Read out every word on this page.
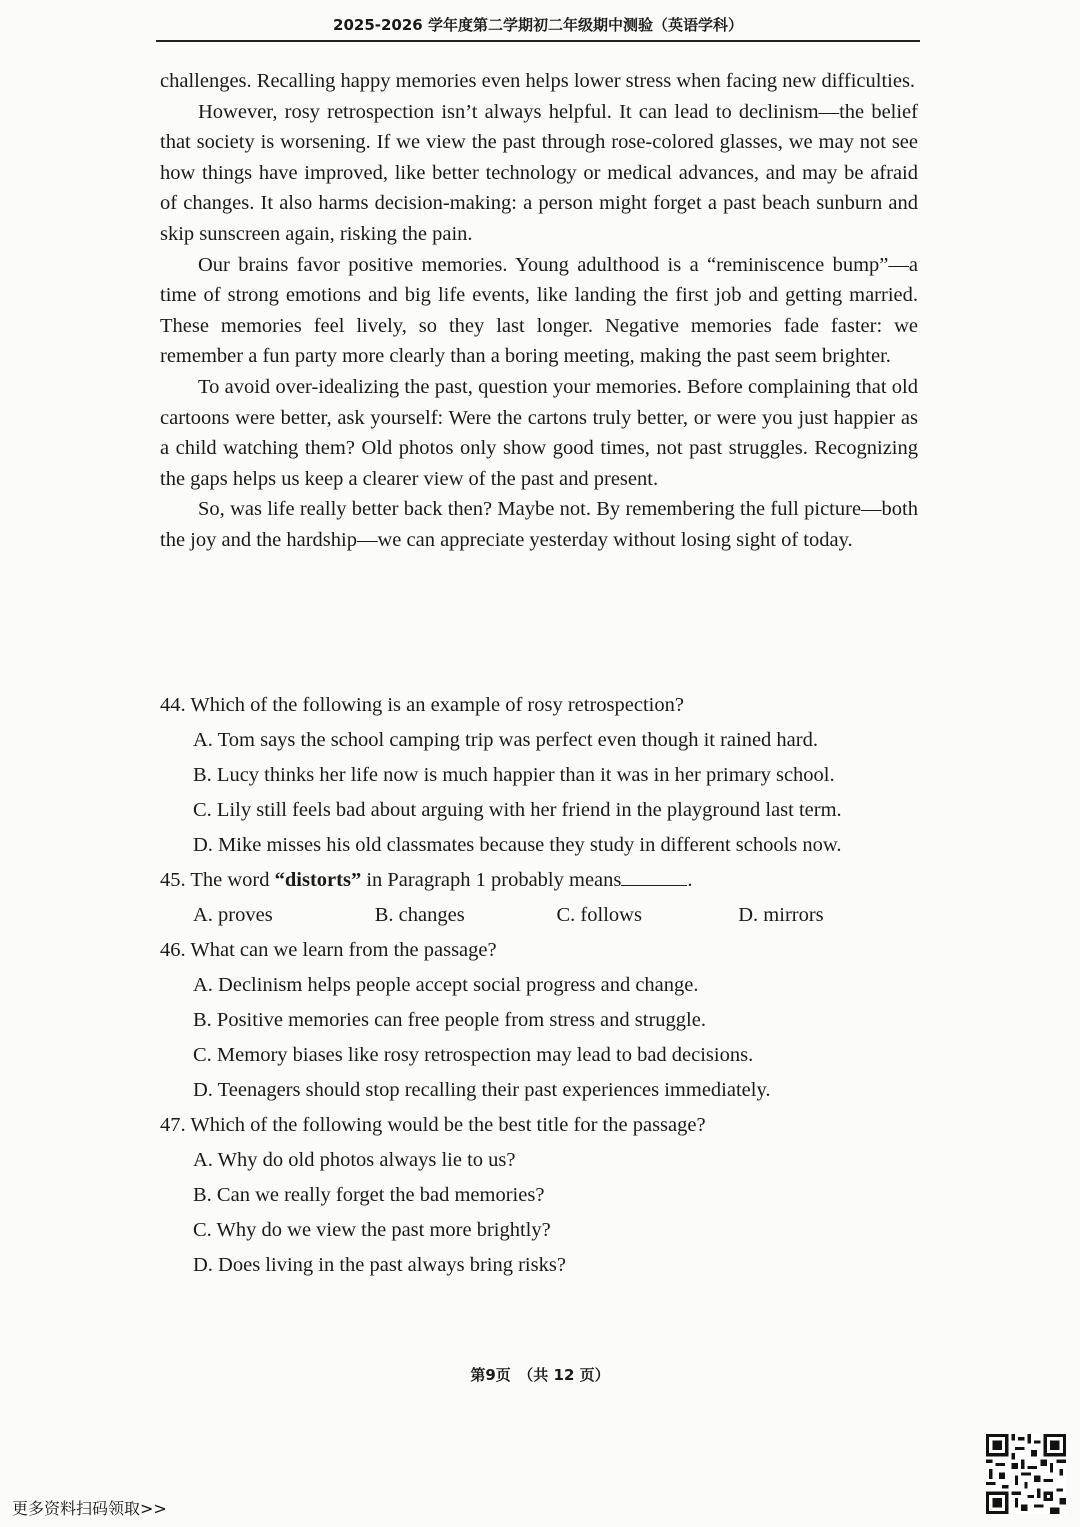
2025-2026 学年度第二学期初二年级期中测验（英语学科）

challenges. Recalling happy memories even helps lower stress when facing new difficulties.

However, rosy retrospection isn’t always helpful. It can lead to declinism—the belief that society is worsening. If we view the past through rose-colored glasses, we may not see how things have improved, like better technology or medical advances, and may be afraid of changes. It also harms decision-making: a person might forget a past beach sunburn and skip sunscreen again, risking the pain.

Our brains favor positive memories. Young adulthood is a “reminiscence bump”—a time of strong emotions and big life events, like landing the first job and getting married. These memories feel lively, so they last longer. Negative memories fade faster: we remember a fun party more clearly than a boring meeting, making the past seem brighter.

To avoid over-idealizing the past, question your memories. Before complaining that old cartoons were better, ask yourself: Were the cartons truly better, or were you just happier as a child watching them? Old photos only show good times, not past struggles. Recognizing the gaps helps us keep a clearer view of the past and present.

So, was life really better back then? Maybe not. By remembering the full picture—both the joy and the hardship—we can appreciate yesterday without losing sight of today.

44. Which of the following is an example of rosy retrospection?
A. Tom says the school camping trip was perfect even though it rained hard.
B. Lucy thinks her life now is much happier than it was in her primary school.
C. Lily still feels bad about arguing with her friend in the playground last term.
D. Mike misses his old classmates because they study in different schools now.
45. The word “distorts” in Paragraph 1 probably means	.
A. proves	B. changes	C. follows	D. mirrors
46. What can we learn from the passage?
A. Declinism helps people accept social progress and change.
B. Positive memories can free people from stress and struggle.
C. Memory biases like rosy retrospection may lead to bad decisions.
D. Teenagers should stop recalling their past experiences immediately.
47. Which of the following would be the best title for the passage?
A. Why do old photos always lie to us?
B. Can we really forget the bad memories?
C. Why do we view the past more brightly?
D. Does living in the past always bring risks?
第9页　（共 12 页）
更多资料扫码领取>>
